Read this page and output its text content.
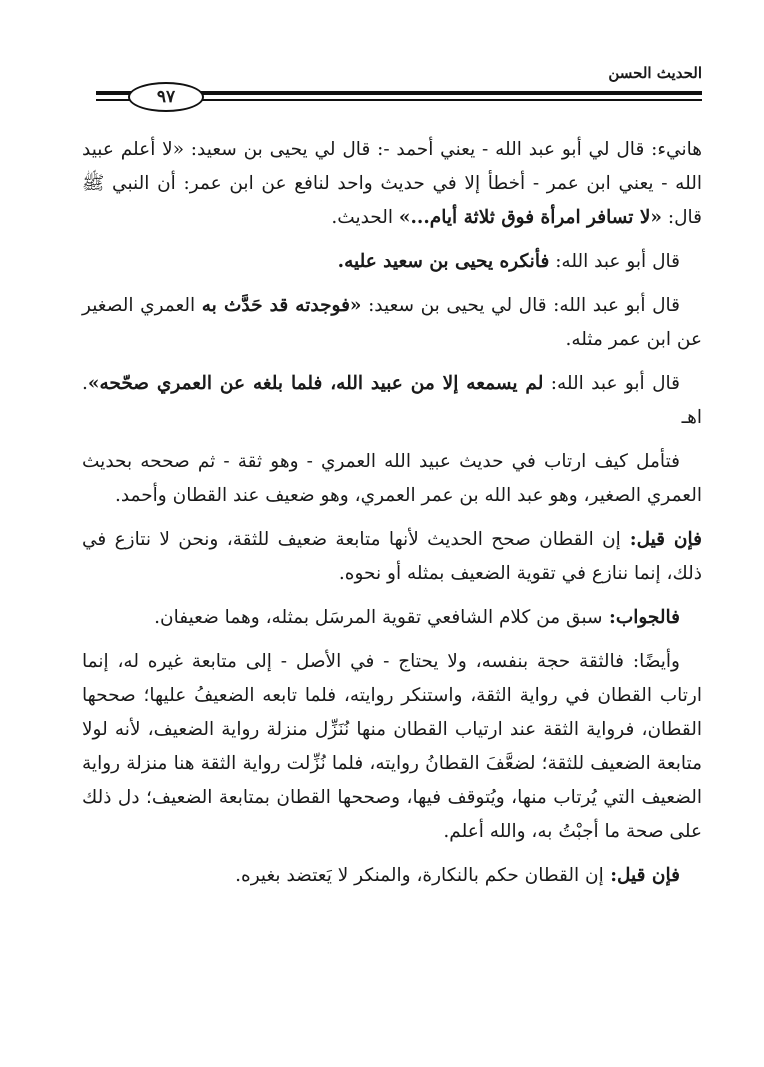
الحديث الحسن
٩٧

هانيء: قال لي أبو عبد الله - يعني أحمد -: قال لي يحيى بن سعيد: «لا أعلم عبيد الله - يعني ابن عمر - أخطأ إلا في حديث واحد لنافع عن ابن عمر: أن النبي ﷺ قال: «لا تسافر امرأة فوق ثلاثة أيام...» الحديث.

قال أبو عبد الله: فأنكره يحيى بن سعيد عليه.

قال أبو عبد الله: قال لي يحيى بن سعيد: «فوجدته قد حَدَّث به العمري الصغير عن ابن عمر مثله.

قال أبو عبد الله: لم يسمعه إلا من عبيد الله، فلما بلغه عن العمري صحّحه». اهـ

فتأمل كيف ارتاب في حديث عبيد الله العمري - وهو ثقة - ثم صححه بحديث العمري الصغير، وهو عبد الله بن عمر العمري، وهو ضعيف عند القطان وأحمد.

فإن قيل: إن القطان صحح الحديث لأنها متابعة ضعيف للثقة، ونحن لا نتازع في ذلك، إنما ننازع في تقوية الضعيف بمثله أو نحوه.

فالجواب: سبق من كلام الشافعي تقوية المرسَل بمثله، وهما ضعيفان.

وأيضًا: فالثقة حجة بنفسه، ولا يحتاج - في الأصل - إلى متابعة غيره له، إنما ارتاب القطان في رواية الثقة، واستنكر روايته، فلما تابعه الضعيفُ عليها؛ صححها القطان، فرواية الثقة عند ارتياب القطان منها نُنَزِّل منزلة رواية الضعيف، لأنه لولا متابعة الضعيف للثقة؛ لضعَّفَ القطانُ روايته، فلما نُزِّلت رواية الثقة هنا منزلة رواية الضعيف التي يُرتاب منها، ويُتوقف فيها، وصححها القطان بمتابعة الضعيف؛ دل ذلك على صحة ما أجبْتُ به، والله أعلم.

فإن قيل: إن القطان حكم بالنكارة، والمنكر لا يَعتضد بغيره.
